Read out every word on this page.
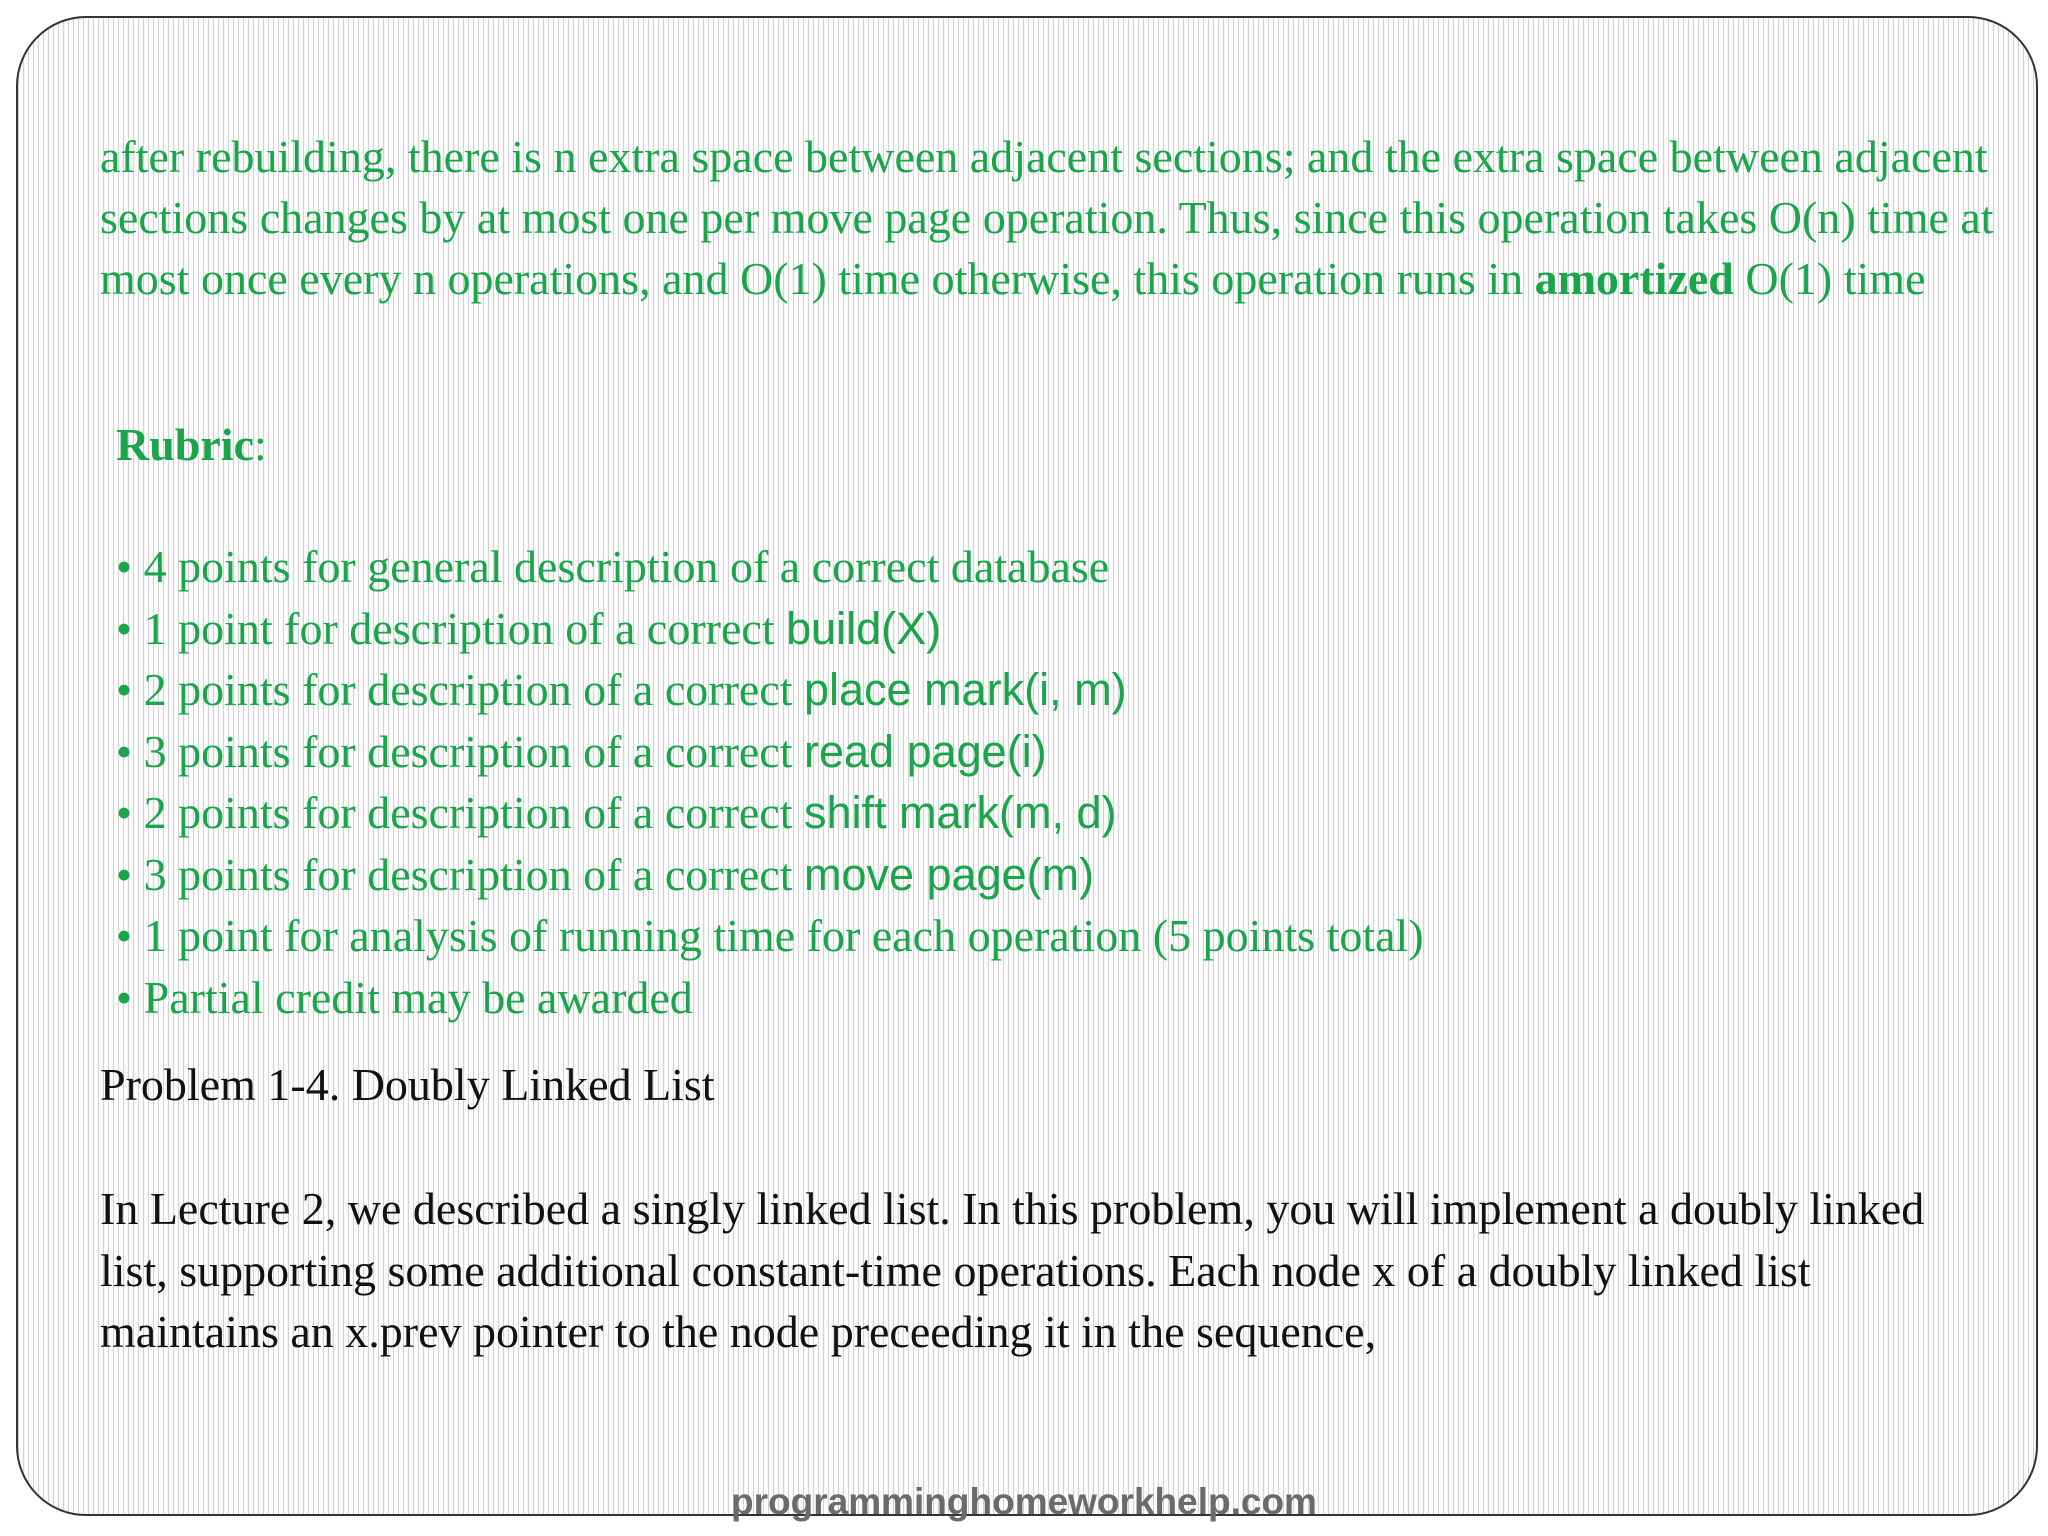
after rebuilding, there is n extra space between adjacent sections; and the extra space between adjacent sections changes by at most one per move page operation. Thus, since this operation takes O(n) time at most once every n operations, and O(1) time otherwise, this operation runs in amortized O(1) time

Rubric:

• 4 points for general description of a correct database
• 1 point for description of a correct build(X)
• 2 points for description of a correct place mark(i, m)
• 3 points for description of a correct read page(i)
• 2 points for description of a correct shift mark(m, d)
• 3 points for description of a correct move page(m)
• 1 point for analysis of running time for each operation (5 points total)
• Partial credit may be awarded

Problem 1-4. Doubly Linked List

In Lecture 2, we described a singly linked list. In this problem, you will implement a doubly linked list, supporting some additional constant-time operations. Each node x of a doubly linked list maintains an x.prev pointer to the node preceeding it in the sequence,

programminghomeworkhelp.com
